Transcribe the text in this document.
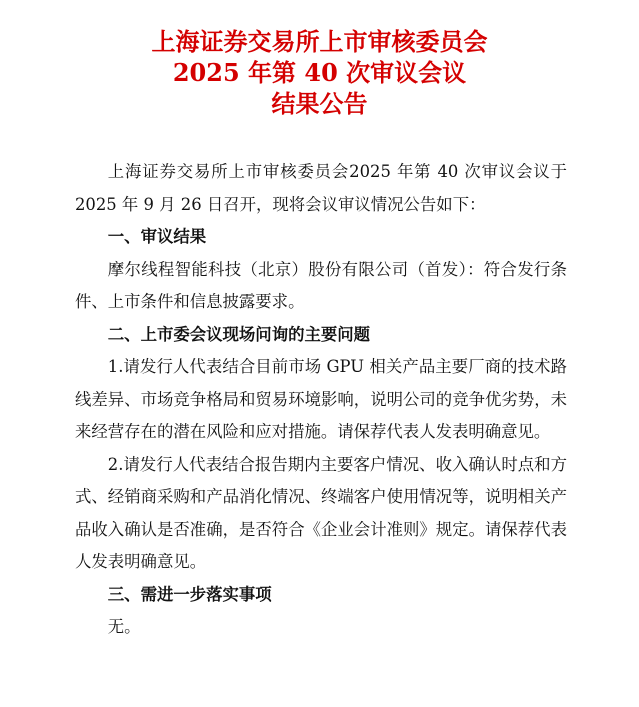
上海证券交易所上市审核委员会
2025 年第 40 次审议会议
结果公告

上海证券交易所上市审核委员会2025 年第 40 次审议会议于 2025 年 9 月 26 日召开，现将会议审议情况公告如下：

一、审议结果

摩尔线程智能科技（北京）股份有限公司（首发）：符合发行条件、上市条件和信息披露要求。

二、上市委会议现场问询的主要问题

1.请发行人代表结合目前市场 GPU 相关产品主要厂商的技术路线差异、市场竞争格局和贸易环境影响，说明公司的竞争优劣势，未来经营存在的潜在风险和应对措施。请保荐代表人发表明确意见。

2.请发行人代表结合报告期内主要客户情况、收入确认时点和方式、经销商采购和产品消化情况、终端客户使用情况等，说明相关产品收入确认是否准确，是否符合《企业会计准则》规定。请保荐代表人发表明确意见。

三、需进一步落实事项

无。
